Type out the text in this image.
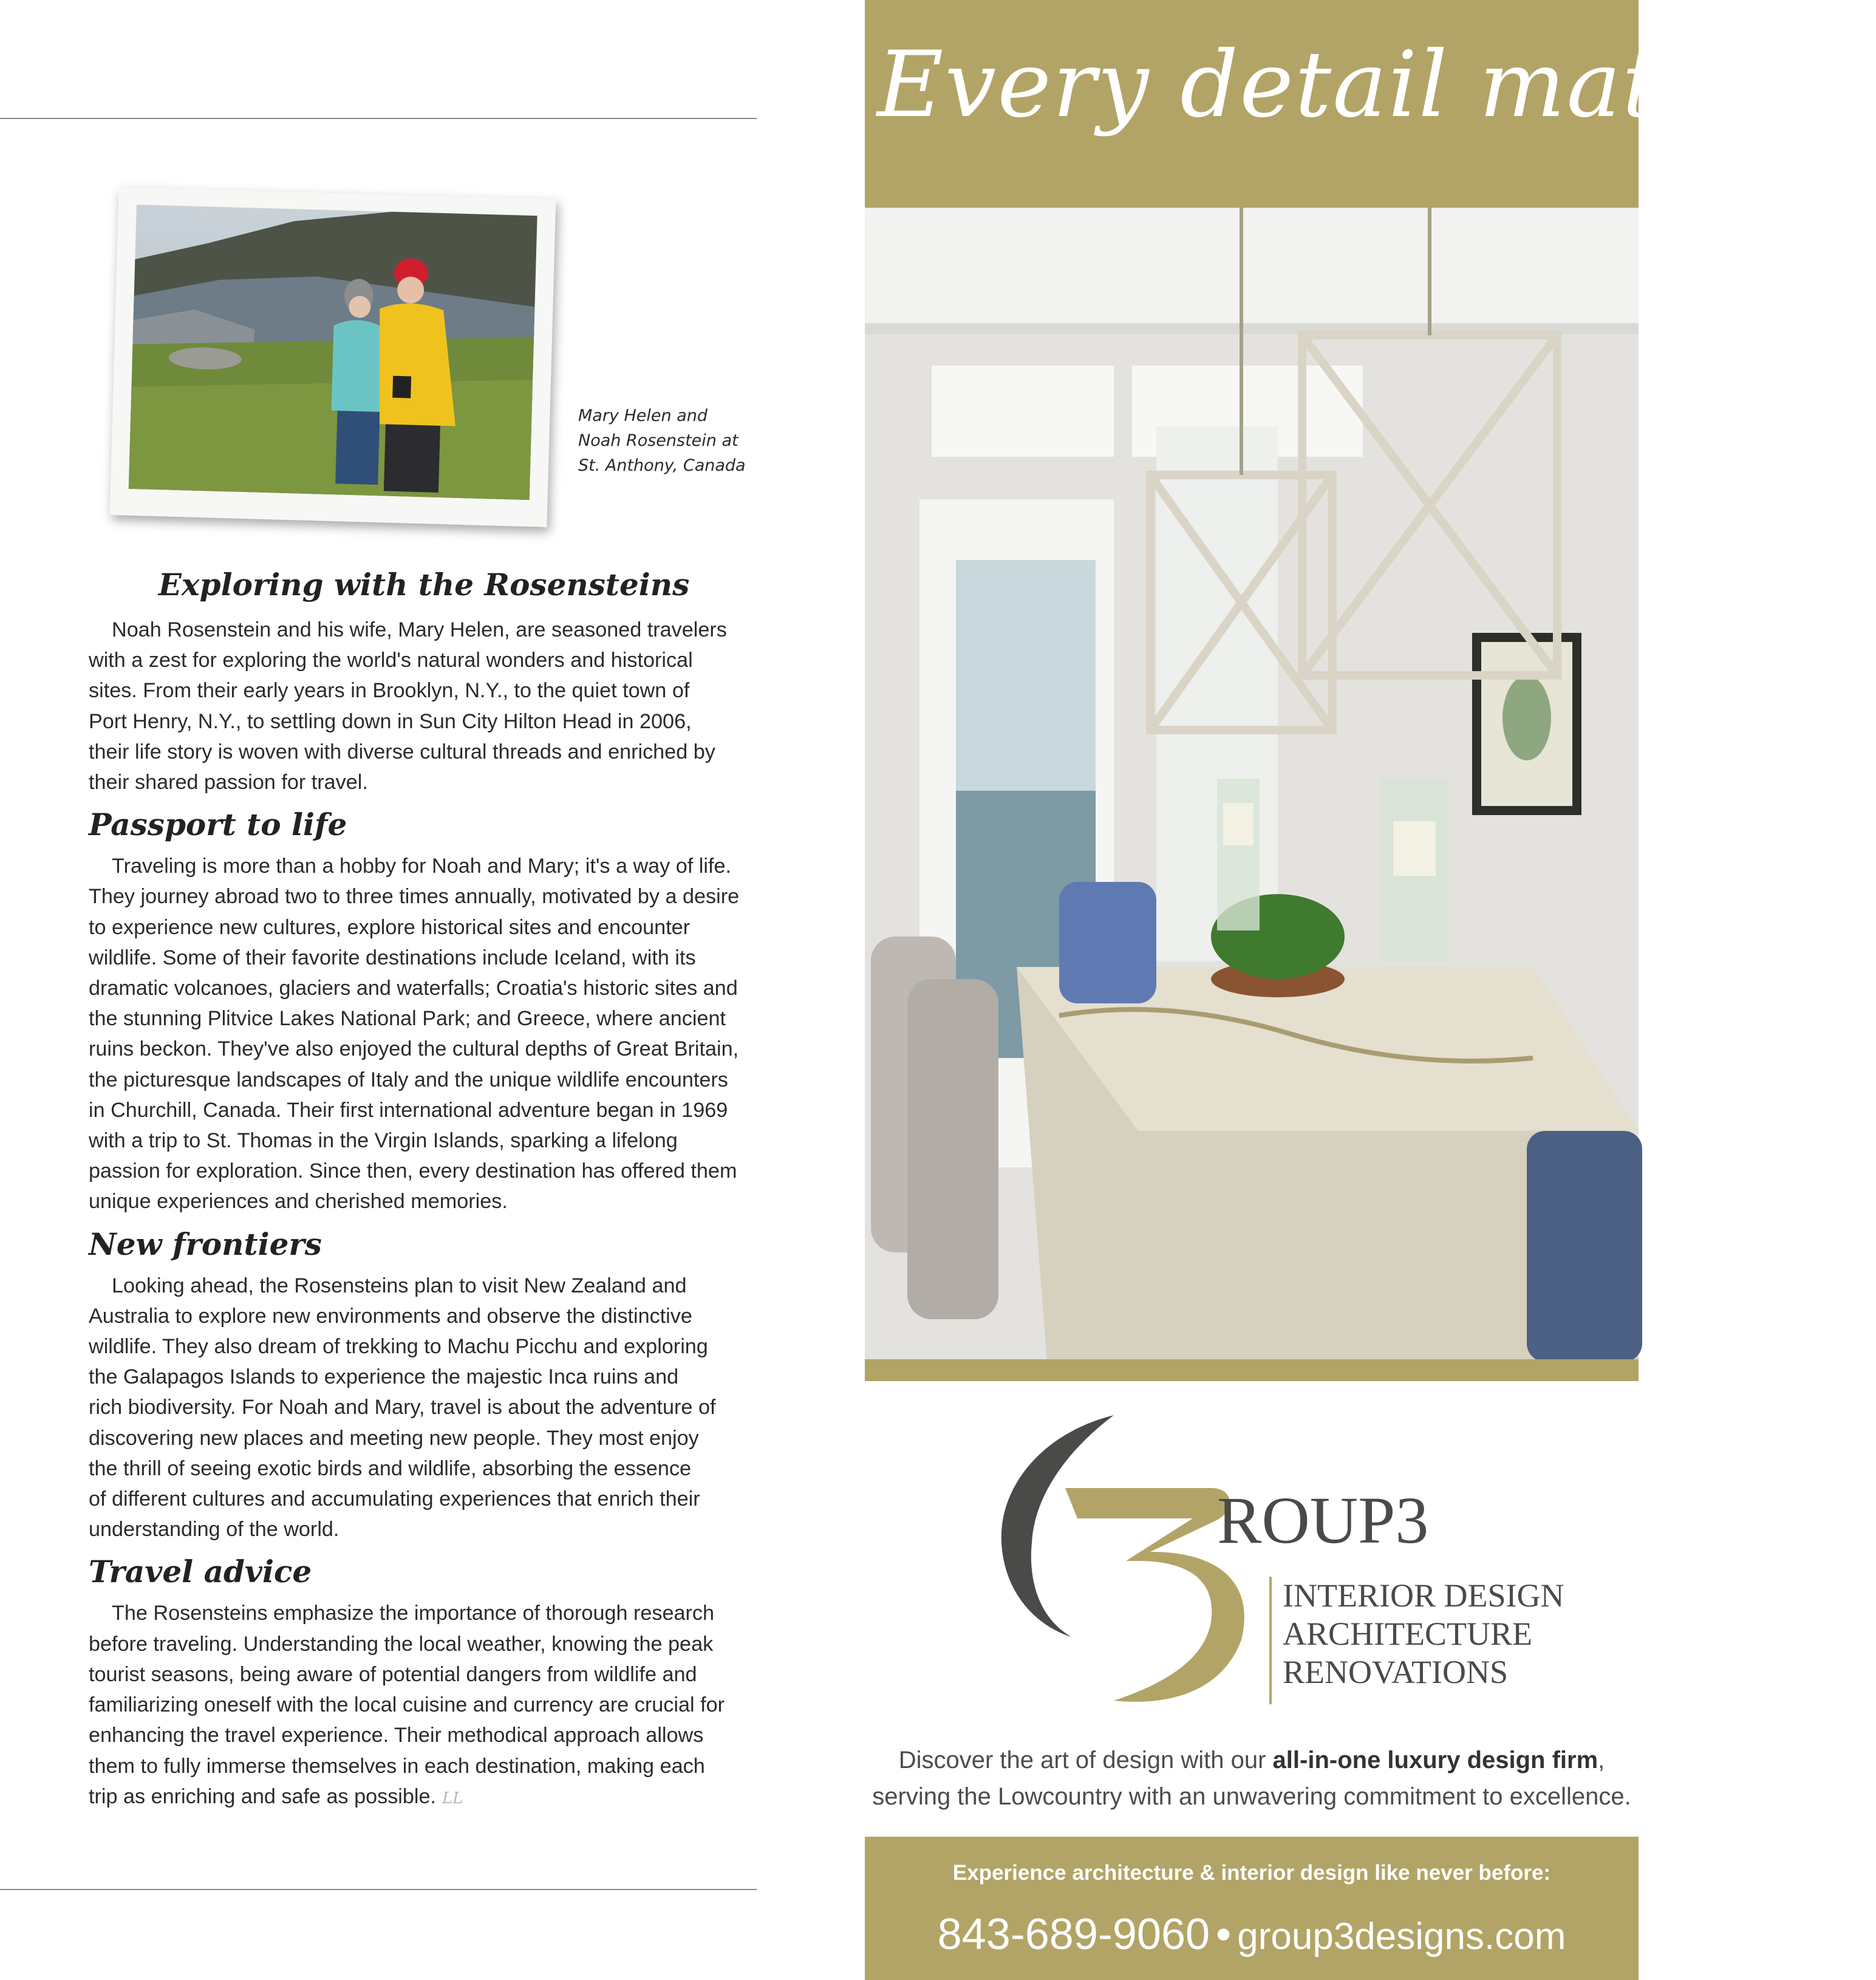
Mary Helen and
Noah Rosenstein at
St. Anthony, Canada
Exploring with the Rosensteins
Noah Rosenstein and his wife, Mary Helen, are seasoned travelers
with a zest for exploring the world's natural wonders and historical
sites. From their early years in Brooklyn, N.Y., to the quiet town of
Port Henry, N.Y., to settling down in Sun City Hilton Head in 2006,
their life story is woven with diverse cultural threads and enriched by
their shared passion for travel.
Passport to life
Traveling is more than a hobby for Noah and Mary; it's a way of life.
They journey abroad two to three times annually, motivated by a desire
to experience new cultures, explore historical sites and encounter
wildlife. Some of their favorite destinations include Iceland, with its
dramatic volcanoes, glaciers and waterfalls; Croatia's historic sites and
the stunning Plitvice Lakes National Park; and Greece, where ancient
ruins beckon. They've also enjoyed the cultural depths of Great Britain,
the picturesque landscapes of Italy and the unique wildlife encounters
in Churchill, Canada. Their first international adventure began in 1969
with a trip to St. Thomas in the Virgin Islands, sparking a lifelong
passion for exploration. Since then, every destination has offered them
unique experiences and cherished memories.
New frontiers
Looking ahead, the Rosensteins plan to visit New Zealand and
Australia to explore new environments and observe the distinctive
wildlife. They also dream of trekking to Machu Picchu and exploring
the Galapagos Islands to experience the majestic Inca ruins and
rich biodiversity. For Noah and Mary, travel is about the adventure of
discovering new places and meeting new people. They most enjoy
the thrill of seeing exotic birds and wildlife, absorbing the essence
of different cultures and accumulating experiences that enrich their
understanding of the world.
Travel advice
The Rosensteins emphasize the importance of thorough research
before traveling. Understanding the local weather, knowing the peak
tourist seasons, being aware of potential dangers from wildlife and
familiarizing oneself with the local cuisine and currency are crucial for
enhancing the travel experience. Their methodical approach allows
them to fully immerse themselves in each destination, making each
trip as enriching and safe as possible. LL
Every detail matters.
ROUP3
INTERIOR DESIGN
ARCHITECTURE
RENOVATIONS
Discover the art of design with our all-in-one luxury design firm,
serving the Lowcountry with an unwavering commitment to excellence.
Experience architecture & interior design like never before:
843-689-9060 • group3designs.com
